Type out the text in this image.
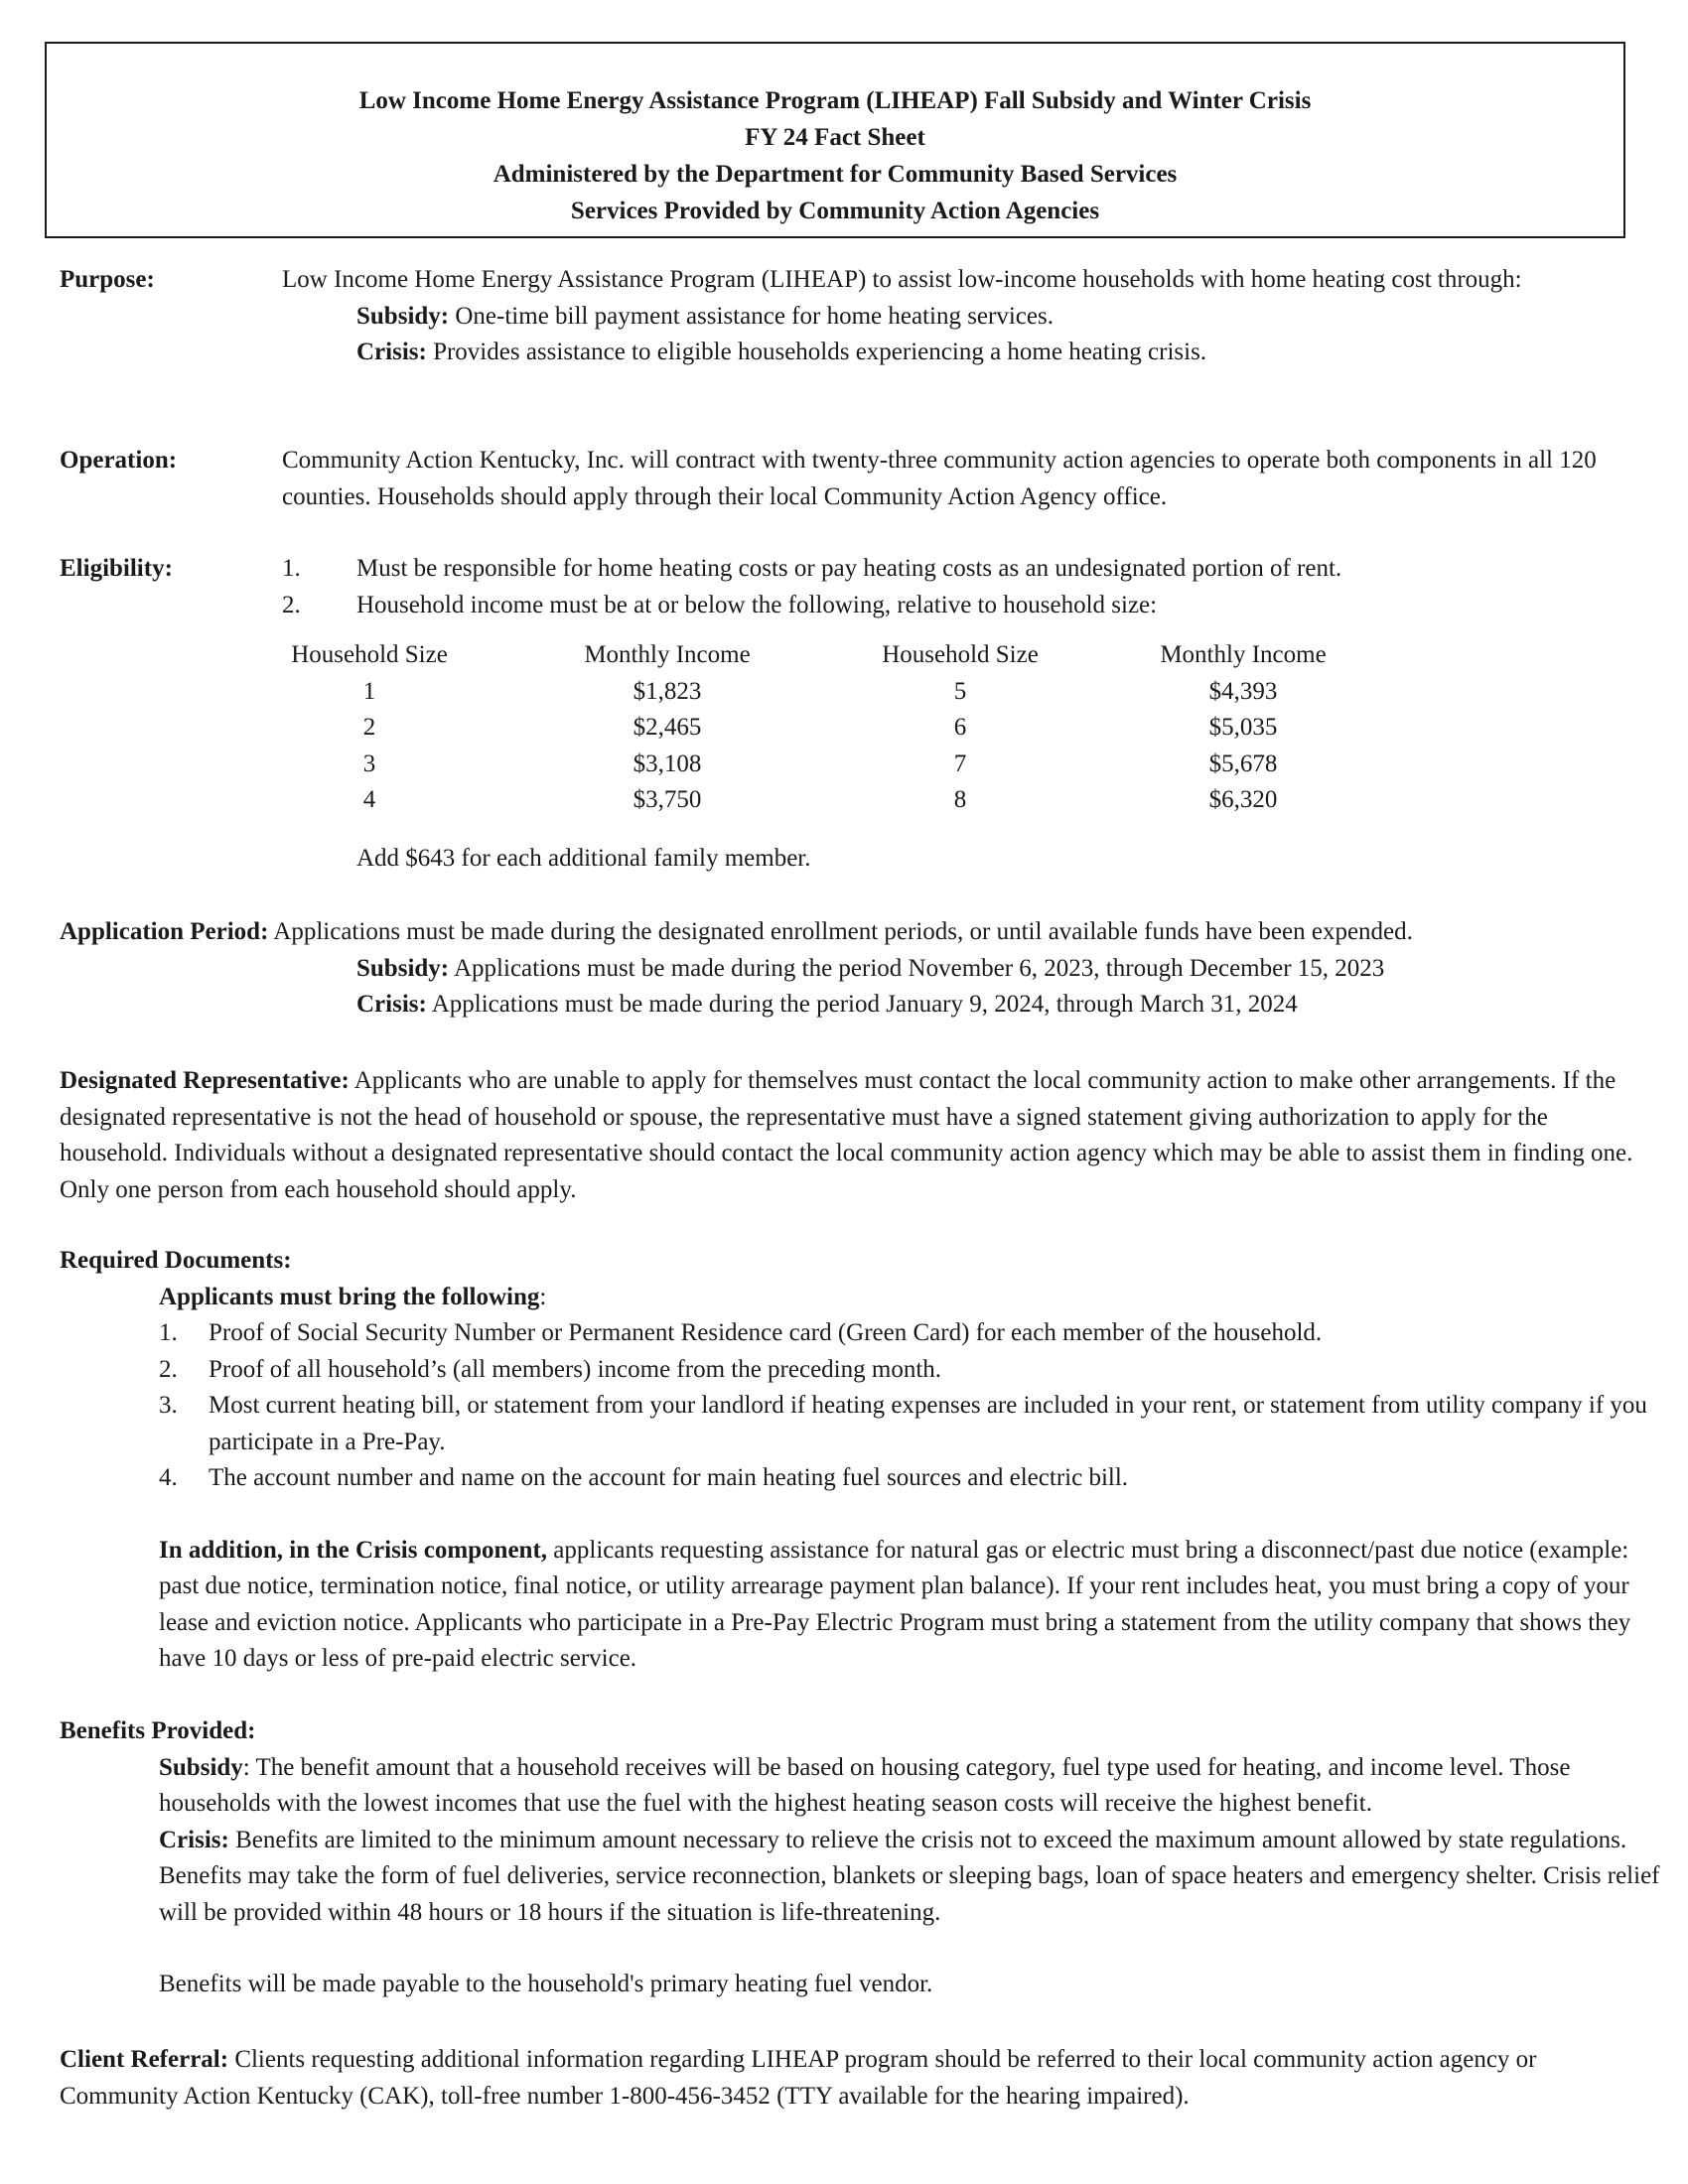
Low Income Home Energy Assistance Program (LIHEAP) Fall Subsidy and Winter Crisis
FY 24 Fact Sheet
Administered by the Department for Community Based Services
Services Provided by Community Action Agencies
Purpose:	Low Income Home Energy Assistance Program (LIHEAP) to assist low-income households with home heating cost through:

Subsidy: One-time bill payment assistance for home heating services.

Crisis: Provides assistance to eligible households experiencing a home heating crisis.

Operation:	Community Action Kentucky, Inc. will contract with twenty-three community action agencies to operate both components in all 120 counties. Households should apply through their local Community Action Agency office.

Eligibility:	1. Must be responsible for home heating costs or pay heating costs as an undesignated portion of rent.
2. Household income must be at or below the following, relative to household size:
Household Size	Monthly Income	Household Size	Monthly Income
1	$1,823	5	$4,393
2	$2,465	6	$5,035
3	$3,108	7	$5,678
4	$3,750	8	$6,320

Add $643 for each additional family member.

Application Period: Applications must be made during the designated enrollment periods, or until available funds have been expended.

Subsidy: Applications must be made during the period November 6, 2023, through December 15, 2023

Crisis: Applications must be made during the period January 9, 2024, through March 31, 2024

Designated Representative: Applicants who are unable to apply for themselves must contact the local community action to make other arrangements. If the designated representative is not the head of household or spouse, the representative must have a signed statement giving authorization to apply for the household. Individuals without a designated representative should contact the local community action agency which may be able to assist them in finding one. Only one person from each household should apply.

Required Documents:

Applicants must bring the following:

1. Proof of Social Security Number or Permanent Residence card (Green Card) for each member of the household.
2. Proof of all household’s (all members) income from the preceding month.
3. Most current heating bill, or statement from your landlord if heating expenses are included in your rent, or statement from utility company if you participate in a Pre-Pay.
4. The account number and name on the account for main heating fuel sources and electric bill.

In addition, in the Crisis component, applicants requesting assistance for natural gas or electric must bring a disconnect/past due notice (example: past due notice, termination notice, final notice, or utility arrearage payment plan balance). If your rent includes heat, you must bring a copy of your lease and eviction notice. Applicants who participate in a Pre-Pay Electric Program must bring a statement from the utility company that shows they have 10 days or less of pre-paid electric service.

Benefits Provided:

Subsidy: The benefit amount that a household receives will be based on housing category, fuel type used for heating, and income level. Those households with the lowest incomes that use the fuel with the highest heating season costs will receive the highest benefit.

Crisis: Benefits are limited to the minimum amount necessary to relieve the crisis not to exceed the maximum amount allowed by state regulations. Benefits may take the form of fuel deliveries, service reconnection, blankets or sleeping bags, loan of space heaters and emergency shelter. Crisis relief will be provided within 48 hours or 18 hours if the situation is life-threatening.

Benefits will be made payable to the household's primary heating fuel vendor.

Client Referral: Clients requesting additional information regarding LIHEAP program should be referred to their local community action agency or Community Action Kentucky (CAK), toll-free number 1-800-456-3452 (TTY available for the hearing impaired).
